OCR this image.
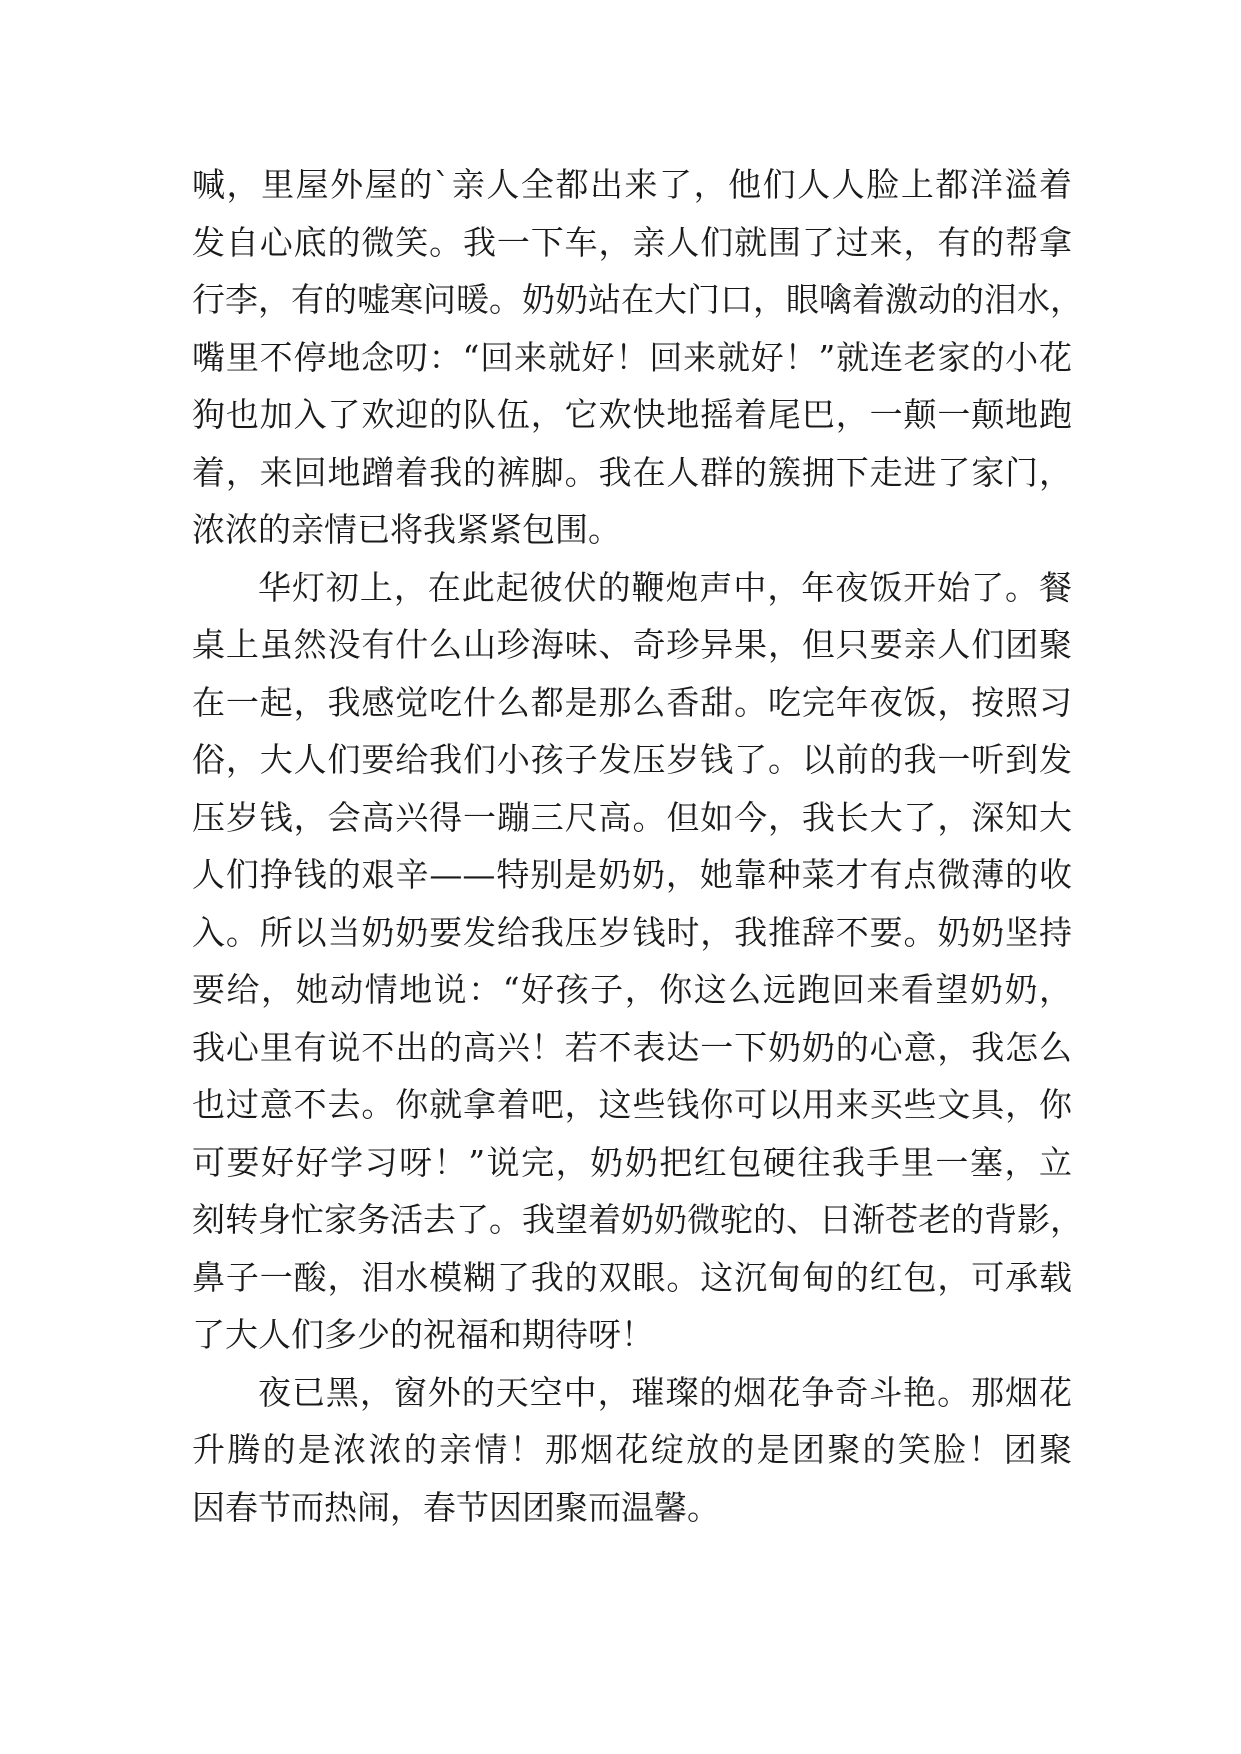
喊，里屋外屋的`亲人全都出来了，他们人人脸上都洋溢着
发自心底的微笑。我一下车，亲人们就围了过来，有的帮拿
行李，有的嘘寒问暖。奶奶站在大门口，眼噙着激动的泪水，
嘴里不停地念叨：“回来就好！回来就好！”就连老家的小花
狗也加入了欢迎的队伍，它欢快地摇着尾巴，一颠一颠地跑
着，来回地蹭着我的裤脚。我在人群的簇拥下走进了家门，
浓浓的亲情已将我紧紧包围。
华灯初上，在此起彼伏的鞭炮声中，年夜饭开始了。餐
桌上虽然没有什么山珍海味、奇珍异果，但只要亲人们团聚
在一起，我感觉吃什么都是那么香甜。吃完年夜饭，按照习
俗，大人们要给我们小孩子发压岁钱了。以前的我一听到发
压岁钱，会高兴得一蹦三尺高。但如今，我长大了，深知大
人们挣钱的艰辛——特别是奶奶，她靠种菜才有点微薄的收
入。所以当奶奶要发给我压岁钱时，我推辞不要。奶奶坚持
要给，她动情地说：“好孩子，你这么远跑回来看望奶奶，
我心里有说不出的高兴！若不表达一下奶奶的心意，我怎么
也过意不去。你就拿着吧，这些钱你可以用来买些文具，你
可要好好学习呀！”说完，奶奶把红包硬往我手里一塞，立
刻转身忙家务活去了。我望着奶奶微驼的、日渐苍老的背影，
鼻子一酸，泪水模糊了我的双眼。这沉甸甸的红包，可承载
了大人们多少的祝福和期待呀！
夜已黑，窗外的天空中，璀璨的烟花争奇斗艳。那烟花
升腾的是浓浓的亲情！那烟花绽放的是团聚的笑脸！团聚
因春节而热闹，春节因团聚而温馨。
